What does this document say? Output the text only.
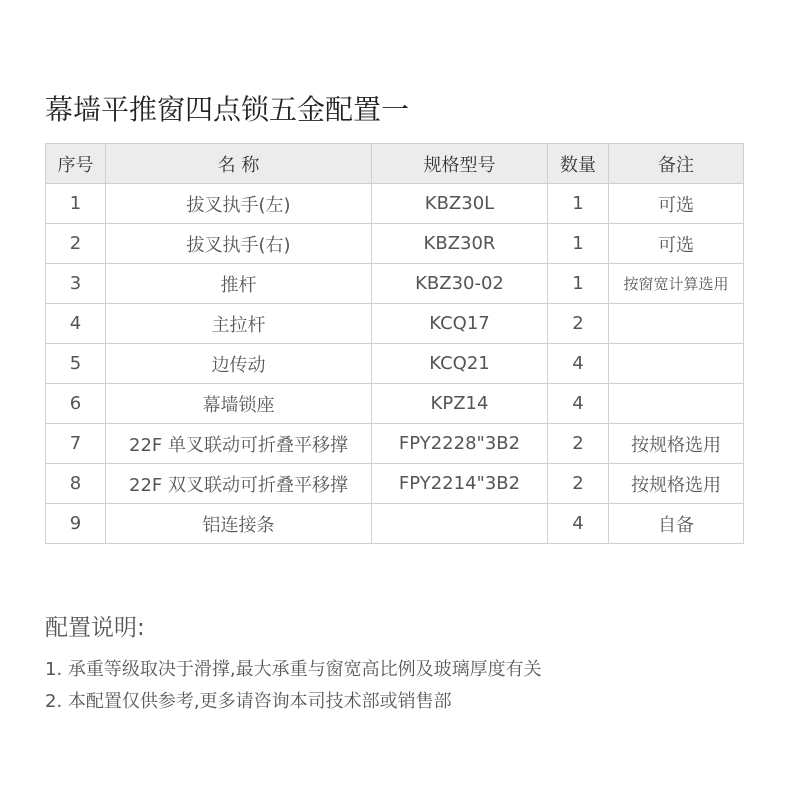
幕墙平推窗四点锁五金配置一
序号	名 称	规格型号	数量	备注
1	拔叉执手(左)	KBZ30L	1	可选
2	拔叉执手(右)	KBZ30R	1	可选
3	推杆	KBZ30-02	1	按窗宽计算选用
4	主拉杆	KCQ17	2	
5	边传动	KCQ21	4	
6	幕墙锁座	KPZ14	4	
7	22F 单叉联动可折叠平移撑	FPY2228"3B2	2	按规格选用
8	22F 双叉联动可折叠平移撑	FPY2214"3B2	2	按规格选用
9	铝连接条		4	自备
配置说明:
1. 承重等级取决于滑撑,最大承重与窗宽高比例及玻璃厚度有关
2. 本配置仅供参考,更多请咨询本司技术部或销售部
